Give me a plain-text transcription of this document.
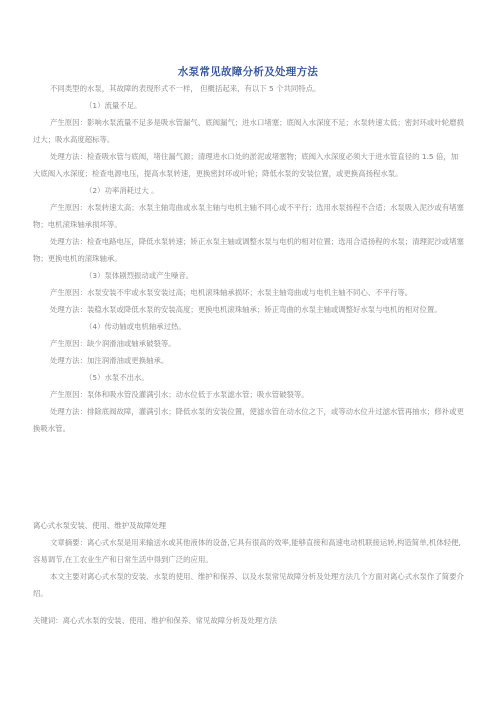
水泵常见故障分析及处理方法

不同类型的水泵，其故障的表现形式不一样， 但概括起来，有以下 5 个共同特点。

（1）流量不足。

产生原因：影响水泵流量不足多是吸水管漏气、底阀漏气；进水口堵塞；底阀入水深度不足；水泵转速太低；密封环或叶轮磨损过大；吸水高度超标等。

处理方法：检查吸水管与底阀，堵住漏气源；清理进水口处的淤泥或堵塞物；底阀入水深度必须大于进水管直径的 1.5 倍，加大底阀入水深度；检查电源电压，提高水泵转速，更换密封环或叶轮；降低水泵的安装位置，或更换高扬程水泵。

（2）功率消耗过大 。

产生原因：水泵转速太高；水泵主轴弯曲或水泵主轴与电机主轴不同心或不平行；选用水泵扬程不合适；水泵吸入泥沙或有堵塞物；电机滚珠轴承损坏等。

处理方法：检查电路电压，降低水泵转速；矫正水泵主轴或调整水泵与电机的相对位置；选用合适扬程的水泵；清理泥沙或堵塞物；更换电机的滚珠轴承。

（3）泵体剧烈振动或产生噪音。

产生原因：水泵安装不牢或水泵安装过高；电机滚珠轴承损坏；水泵主轴弯曲或与电机主轴不同心、不平行等。

处理方法：装稳水泵或降低水泵的安装高度；更换电机滚珠轴承；矫正弯曲的水泵主轴或调整好水泵与电机的相对位置。

（4）传动轴或电机轴承过热。

产生原因：缺少润滑油或轴承破裂等。

处理方法：加注润滑油或更换轴承。

（5）水泵不出水。

产生原因：泵体和吸水管没灌满引水；动水位低于水泵滤水管；吸水管破裂等。

处理方法：排除底阀故障，灌满引水；降低水泵的安装位置，使滤水管在动水位之下，或等动水位升过滤水管再抽水；修补或更换吸水管。

离心式水泵安装、使用、维护及故障处理

文章摘要：离心式水泵是用来输送水或其他液体的设备,它具有很高的效率,能够直接和高速电动机联接运转,构造简单,机体轻便,容易调节,在工农业生产和日常生活中得到广泛的应用。

本文主要对离心式水泵的安装、水泵的使用、维护和保养、以及水泵常见故障分析及处理方法几个方面对离心式水泵作了简要介绍。

关键词：离心式水泵的安装、使用、维护和保养、常见故障分析及处理方法
